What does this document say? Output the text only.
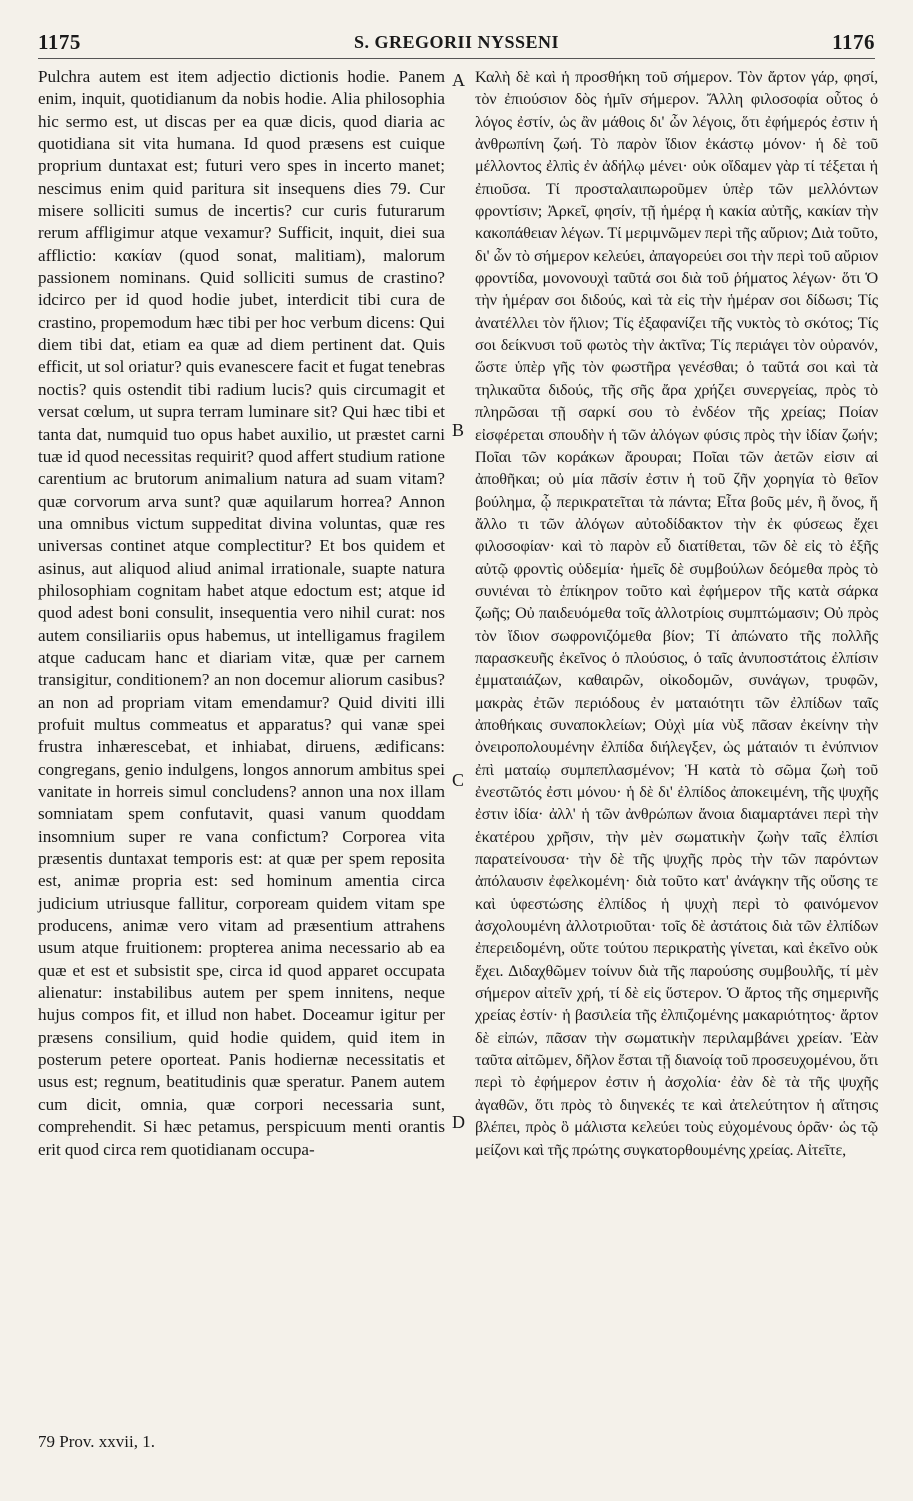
1175	S. GREGORII NYSSENI	1176

Pulchra autem est item adjectio dictionis hodie. Panem enim, inquit, quotidianum da nobis hodie. Alia philosophia hic sermo est, ut discas per ea quæ dicis, quod diaria ac quotidiana sit vita humana. Id quod præsens est cuique proprium duntaxat est; futuri vero spes in incerto manet; nescimus enim quid paritura sit insequens dies 79. Cur misere solliciti sumus de incertis? cur curis futurarum rerum affligimur atque vexamur? Sufficit, inquit, diei sua afflictio: κακίαν (quod sonat, malitiam), malorum passionem nominans. Quid solliciti sumus de crastino? idcirco per id quod hodie jubet, interdicit tibi cura de crastino, propemodum hæc tibi per hoc verbum dicens: Qui diem tibi dat, etiam ea quæ ad diem pertinent dat. Quis efficit, ut sol oriatur? quis evanescere facit et fugat tenebras noctis? quis ostendit tibi radium lucis? quis circumagit et versat cœlum, ut supra terram luminare sit? Qui hæc tibi et tanta dat, numquid tuo opus habet auxilio, ut præstet carni tuæ id quod necessitas requirit? quod affert studium ratione carentium ac brutorum animalium natura ad suam vitam? quæ corvorum arva sunt? quæ aquilarum horrea? Annon una omnibus victum suppeditat divina voluntas, quæ res universas continet atque complectitur? Et bos quidem et asinus, aut aliquod aliud animal irrationale, suapte natura philosophiam cognitam habet atque edoctum est; atque id quod adest boni consulit, insequentia vero nihil curat: nos autem consiliariis opus habemus, ut intelligamus fragilem atque caducam hanc et diariam vitæ, quæ per carnem transigitur, conditionem? an non docemur aliorum casibus? an non ad propriam vitam emendamur? Quid diviti illi profuit multus commeatus et apparatus? qui vanæ spei frustra inhærescebat, et inhiabat, diruens, ædificans: congregans, genio indulgens, longos annorum ambitus spei vanitate in horreis simul concludens? annon una nox illam somniatam spem confutavit, quasi vanum quoddam insomnium super re vana confictum? Corporea vita præsentis duntaxat temporis est: at quæ per spem reposita est, animæ propria est: sed hominum amentia circa judicium utriusque fallitur, corpoream quidem vitam spe producens, animæ vero vitam ad præsentium attrahens usum atque fruitionem: propterea anima necessario ab ea quæ et est et subsistit spe, circa id quod apparet occupata alienatur: instabilibus autem per spem innitens, neque hujus compos fit, et illud non habet. Doceamur igitur per præsens consilium, quid hodie quidem, quid item in posterum petere oporteat. Panis hodiernæ necessitatis et usus est; regnum, beatitudinis quæ speratur. Panem autem cum dicit, omnia, quæ corpori necessaria sunt, comprehendit. Si hæc petamus, perspicuum menti orantis erit quod circa rem quotidianam occupa-

Καλὴ δὲ καὶ ἡ προσθήκη τοῦ σήμερον. Τὸν ἄρτον γάρ, φησί, τὸν ἐπιούσιον δὸς ἡμῖν σήμερον. Ἄλλη φιλοσοφία οὗτος ὁ λόγος ἐστίν, ὡς ἂν μάθοις δι' ὧν λέγοις, ὅτι ἐφήμερός ἐστιν ἡ ἀνθρωπίνη ζωή. Τὸ παρὸν ἴδιον ἑκάστῳ μόνον· ἡ δὲ τοῦ μέλλοντος ἐλπὶς ἐν ἀδήλῳ μένει· οὐκ οἴδαμεν γὰρ τί τέξεται ἡ ἐπιοῦσα. Τί προσταλαιπωροῦμεν ὑπὲρ τῶν μελλόντων φροντίσιν; Ἀρκεῖ, φησίν, τῇ ἡμέρᾳ ἡ κακία αὐτῆς, κακίαν τὴν κακοπάθειαν λέγων. Τί μεριμνῶμεν περὶ τῆς αὔριον; Διὰ τοῦτο, δι' ὧν τὸ σήμερον κελεύει, ἀπαγορεύει σοι τὴν περὶ τοῦ αὔριον φροντίδα, μονονουχὶ ταῦτά σοι διὰ τοῦ ῥήματος λέγων· ὅτι Ὁ τὴν ἡμέραν σοι διδούς, καὶ τὰ εἰς τὴν ἡμέραν σοι δίδωσι; Τίς ἀνατέλλει τὸν ἥλιον; Τίς ἐξαφανίζει τῆς νυκτὸς τὸ σκότος; Τίς σοι δείκνυσι τοῦ φωτὸς τὴν ἀκτῖνα; Τίς περιάγει τὸν οὐρανόν, ὥστε ὑπὲρ γῆς τὸν φωστῆρα γενέσθαι; ὁ ταῦτά σοι καὶ τὰ τηλικαῦτα διδούς, τῆς σῆς ἄρα χρήζει συνεργείας, πρὸς τὸ πληρῶσαι τῇ σαρκί σου τὸ ἐνδέον τῆς χρείας; Ποίαν εἰσφέρεται σπουδὴν ἡ τῶν ἀλόγων φύσις πρὸς τὴν ἰδίαν ζωήν; Ποῖαι τῶν κοράκων ἄρουραι; Ποῖαι τῶν ἀετῶν εἰσιν αἱ ἀποθῆκαι; οὐ μία πᾶσίν ἐστιν ἡ τοῦ ζῆν χορηγία τὸ θεῖον βούλημα, ᾧ περικρατεῖται τὰ πάντα; Εἶτα βοῦς μέν, ἢ ὄνος, ἤ ἄλλο τι τῶν ἀλόγων αὐτοδίδακτον τὴν ἐκ φύσεως ἔχει φιλοσοφίαν· καὶ τὸ παρὸν εὖ διατίθεται, τῶν δὲ εἰς τὸ ἑξῆς αὐτῷ φροντὶς οὐδεμία· ἡμεῖς δὲ συμβούλων δεόμεθα πρὸς τὸ συνιέναι τὸ ἐπίκηρον τοῦτο καὶ ἐφήμερον τῆς κατὰ σάρκα ζωῆς; Οὐ παιδευόμεθα τοῖς ἀλλοτρίοις συμπτώμασιν; Οὐ πρὸς τὸν ἴδιον σωφρονιζόμεθα βίον; Τί ἀπώνατο τῆς πολλῆς παρασκευῆς ἐκεῖνος ὁ πλούσιος, ὁ ταῖς ἀνυποστάτοις ἐλπίσιν ἐμματαιάζων, καθαιρῶν, οἰκοδομῶν, συνάγων, τρυφῶν, μακρὰς ἐτῶν περιόδους ἐν ματαιότητι τῶν ἐλπίδων ταῖς ἀποθήκαις συναποκλείων; Οὐχὶ μία νὺξ πᾶσαν ἐκείνην τὴν ὀνειροπολουμένην ἐλπίδα διήλεγξεν, ὡς μάταιόν τι ἐνύπνιον ἐπὶ ματαίῳ συμπεπλασμένον; Ἡ κατὰ τὸ σῶμα ζωὴ τοῦ ἐνεστῶτός ἐστι μόνου· ἡ δὲ δι' ἐλπίδος ἀποκειμένη, τῆς ψυχῆς ἐστιν ἰδία· ἀλλ' ἡ τῶν ἀνθρώπων ἄνοια διαμαρτάνει περὶ τὴν ἑκατέρου χρῆσιν, τὴν μὲν σωματικὴν ζωὴν ταῖς ἐλπίσι παρατείνουσα· τὴν δὲ τῆς ψυχῆς πρὸς τὴν τῶν παρόντων ἀπόλαυσιν ἐφελκομένη· διὰ τοῦτο κατ' ἀνάγκην τῆς οὔσης τε καὶ ὑφεστώσης ἐλπίδος ἡ ψυχὴ περὶ τὸ φαινόμενον ἀσχολουμένη ἀλλοτριοῦται· τοῖς δὲ ἀστάτοις διὰ τῶν ἐλπίδων ἐπερειδομένη, οὔτε τούτου περικρατὴς γίνεται, καὶ ἐκεῖνο οὐκ ἔχει. Διδαχθῶμεν τοίνυν διὰ τῆς παρούσης συμβουλῆς, τί μὲν σήμερον αἰτεῖν χρή, τί δὲ εἰς ὕστερον. Ὁ ἄρτος τῆς σημερινῆς χρείας ἐστίν· ἡ βασιλεία τῆς ἐλπιζομένης μακαριότητος· ἄρτον δὲ εἰπών, πᾶσαν τὴν σωματικὴν περιλαμβάνει χρείαν. Ἐὰν ταῦτα αἰτῶμεν, δῆλον ἔσται τῇ διανοίᾳ τοῦ προσευχομένου, ὅτι περὶ τὸ ἐφήμερον ἐστιν ἡ ἀσχολία· ἐὰν δὲ τὰ τῆς ψυχῆς ἀγαθῶν, ὅτι πρὸς τὸ διηνεκές τε καὶ ἀτελεύτητον ἡ αἴτησις βλέπει, πρὸς ὃ μάλιστα κελεύει τοὺς εὐχομένους ὁρᾶν· ὡς τῷ μείζονι καὶ τῆς πρώτης συγκατορθουμένης χρείας. Αἰτεῖτε,

A
B
C
D
79 Prov. xxvii, 1.
